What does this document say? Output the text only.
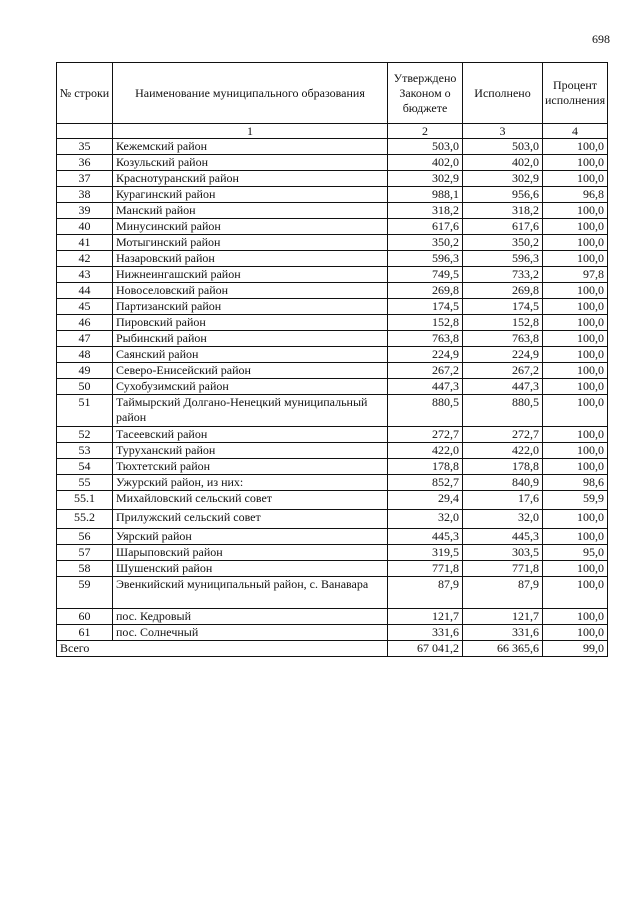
698
№ строки	Наименование муниципального образования	Утверждено Законом о бюджете	Исполнено	Процент исполнения
	1	2	3	4
35	Кежемский район	503,0	503,0	100,0
36	Козульский район	402,0	402,0	100,0
37	Краснотуранский район	302,9	302,9	100,0
38	Курагинский район	988,1	956,6	96,8
39	Манский район	318,2	318,2	100,0
40	Минусинский район	617,6	617,6	100,0
41	Мотыгинский район	350,2	350,2	100,0
42	Назаровский район	596,3	596,3	100,0
43	Нижнеингашский район	749,5	733,2	97,8
44	Новоселовский район	269,8	269,8	100,0
45	Партизанский район	174,5	174,5	100,0
46	Пировский район	152,8	152,8	100,0
47	Рыбинский район	763,8	763,8	100,0
48	Саянский район	224,9	224,9	100,0
49	Северо-Енисейский район	267,2	267,2	100,0
50	Сухобузимский район	447,3	447,3	100,0
51	Таймырский Долгано-Ненецкий муниципальный район	880,5	880,5	100,0
52	Тасеевский район	272,7	272,7	100,0
53	Туруханский район	422,0	422,0	100,0
54	Тюхтетский район	178,8	178,8	100,0
55	Ужурский район, из них:	852,7	840,9	98,6
55.1	Михайловский сельский совет	29,4	17,6	59,9
55.2	Прилужский сельский совет	32,0	32,0	100,0
56	Уярский район	445,3	445,3	100,0
57	Шарыповский район	319,5	303,5	95,0
58	Шушенский район	771,8	771,8	100,0
59	Эвенкийский муниципальный район, с. Ванавара	87,9	87,9	100,0
60	пос. Кедровый	121,7	121,7	100,0
61	пос. Солнечный	331,6	331,6	100,0
Всего		67 041,2	66 365,6	99,0
